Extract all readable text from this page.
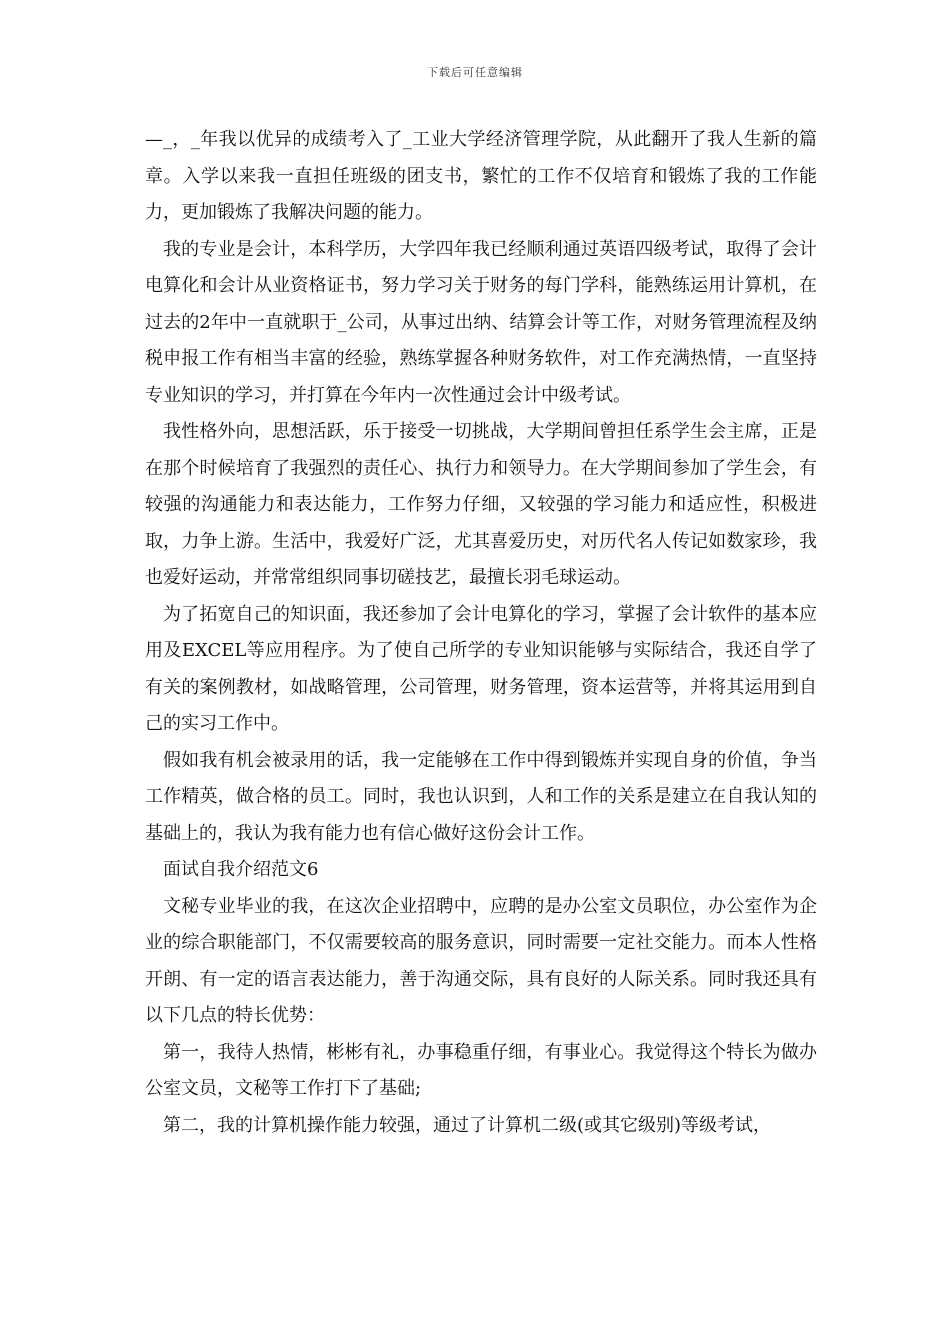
下载后可任意编辑

—_，_年我以优异的成绩考入了_工业大学经济管理学院，从此翻开了我人生新的篇章。入学以来我一直担任班级的团支书，繁忙的工作不仅培育和锻炼了我的工作能力，更加锻炼了我解决问题的能力。

我的专业是会计，本科学历，大学四年我已经顺利通过英语四级考试，取得了会计电算化和会计从业资格证书，努力学习关于财务的每门学科，能熟练运用计算机，在过去的2年中一直就职于_公司，从事过出纳、结算会计等工作，对财务管理流程及纳税申报工作有相当丰富的经验，熟练掌握各种财务软件，对工作充满热情，一直坚持专业知识的学习，并打算在今年内一次性通过会计中级考试。

我性格外向，思想活跃，乐于接受一切挑战，大学期间曾担任系学生会主席，正是在那个时候培育了我强烈的责任心、执行力和领导力。在大学期间参加了学生会，有较强的沟通能力和表达能力，工作努力仔细，又较强的学习能力和适应性，积极进取，力争上游。生活中，我爱好广泛，尤其喜爱历史，对历代名人传记如数家珍，我也爱好运动，并常常组织同事切磋技艺，最擅长羽毛球运动。

为了拓宽自己的知识面，我还参加了会计电算化的学习，掌握了会计软件的基本应用及EXCEL等应用程序。为了使自己所学的专业知识能够与实际结合，我还自学了有关的案例教材，如战略管理，公司管理，财务管理，资本运营等，并将其运用到自己的实习工作中。

假如我有机会被录用的话，我一定能够在工作中得到锻炼并实现自身的价值，争当工作精英，做合格的员工。同时，我也认识到，人和工作的关系是建立在自我认知的基础上的，我认为我有能力也有信心做好这份会计工作。

面试自我介绍范文6

文秘专业毕业的我，在这次企业招聘中，应聘的是办公室文员职位，办公室作为企业的综合职能部门，不仅需要较高的服务意识，同时需要一定社交能力。而本人性格开朗、有一定的语言表达能力，善于沟通交际，具有良好的人际关系。同时我还具有以下几点的特长优势：

第一，我待人热情，彬彬有礼，办事稳重仔细，有事业心。我觉得这个特长为做办公室文员，文秘等工作打下了基础;

第二，我的计算机操作能力较强，通过了计算机二级(或其它级别)等级考试，
